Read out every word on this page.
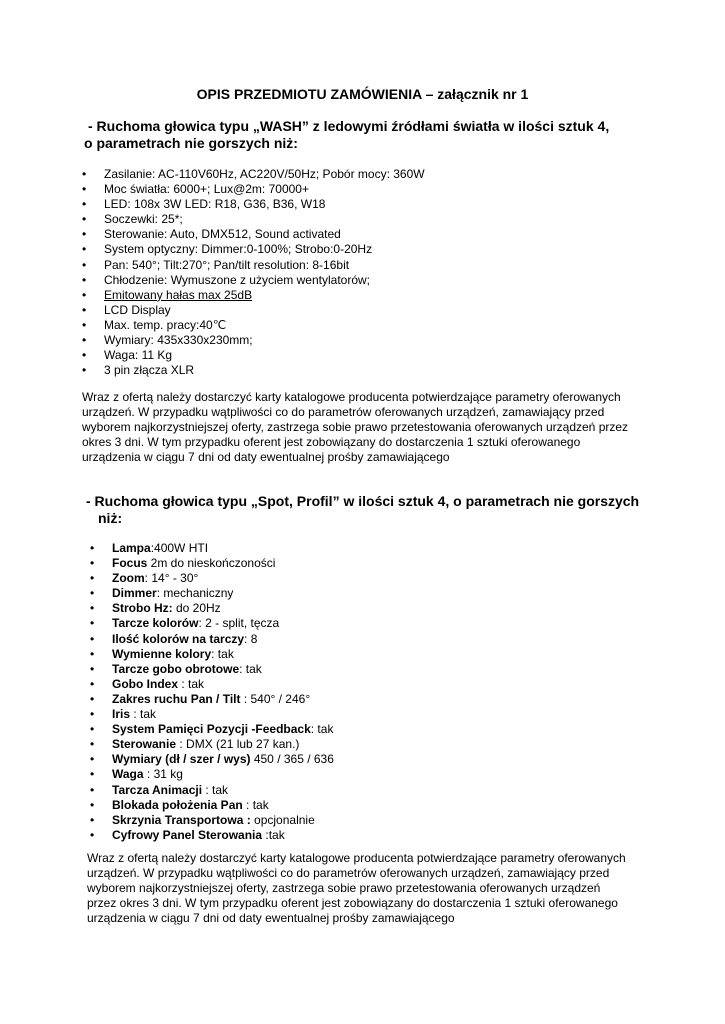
OPIS PRZEDMIOTU ZAMÓWIENIA – załącznik nr 1
- Ruchoma głowica typu „WASH” z ledowymi źródłami światła w ilości sztuk 4,
o parametrach nie gorszych niż:
•
Zasilanie: AC-110V60Hz, AC220V/50Hz; Pobór mocy: 360W
•
Moc światła: 6000+; Lux@2m: 70000+
•
LED: 108x 3W LED: R18, G36, B36, W18
•
Soczewki: 25*;
•
Sterowanie: Auto, DMX512, Sound activated
•
System optyczny: Dimmer:0-100%; Strobo:0-20Hz
•
Pan: 540°; Tilt:270°; Pan/tilt resolution: 8-16bit
•
Chłodzenie: Wymuszone z użyciem wentylatorów;
•
Emitowany hałas max 25dB
•
LCD Display
•
Max. temp. pracy:40℃
•
Wymiary: 435x330x230mm;
•
Waga: 11 Kg
•
3 pin złącza XLR
Wraz z ofertą należy dostarczyć karty katalogowe producenta potwierdzające parametry oferowanych
urządzeń. W przypadku wątpliwości co do parametrów oferowanych urządzeń, zamawiający przed
wyborem najkorzystniejszej oferty, zastrzega sobie prawo przetestowania oferowanych urządzeń przez
okres 3 dni. W tym przypadku oferent jest zobowiązany do dostarczenia 1 sztuki oferowanego
urządzenia w ciągu 7 dni od daty ewentualnej prośby zamawiającego
- Ruchoma głowica typu „Spot, Profil” w ilości sztuk 4, o parametrach nie gorszych
niż:
•
Lampa:400W HTI
•
Focus 2m do nieskończoności
•
Zoom: 14° - 30°
•
Dimmer: mechaniczny
•
Strobo Hz: do 20Hz
•
Tarcze kolorów: 2 - split, tęcza
•
Ilość kolorów na tarczy: 8
•
Wymienne kolory: tak
•
Tarcze gobo obrotowe: tak
•
Gobo Index : tak
•
Zakres ruchu Pan / Tilt : 540° / 246°
•
Iris : tak
•
System Pamięci Pozycji -Feedback: tak
•
Sterowanie : DMX (21 lub 27 kan.)
•
Wymiary (dł / szer / wys) 450 / 365 / 636
•
Waga : 31 kg
•
Tarcza Animacji : tak
•
Blokada położenia Pan : tak
•
Skrzynia Transportowa : opcjonalnie
•
Cyfrowy Panel Sterowania :tak
Wraz z ofertą należy dostarczyć karty katalogowe producenta potwierdzające parametry oferowanych
urządzeń. W przypadku wątpliwości co do parametrów oferowanych urządzeń, zamawiający przed
wyborem najkorzystniejszej oferty, zastrzega sobie prawo przetestowania oferowanych urządzeń
przez okres 3 dni. W tym przypadku oferent jest zobowiązany do dostarczenia 1 sztuki oferowanego
urządzenia w ciągu 7 dni od daty ewentualnej prośby zamawiającego
